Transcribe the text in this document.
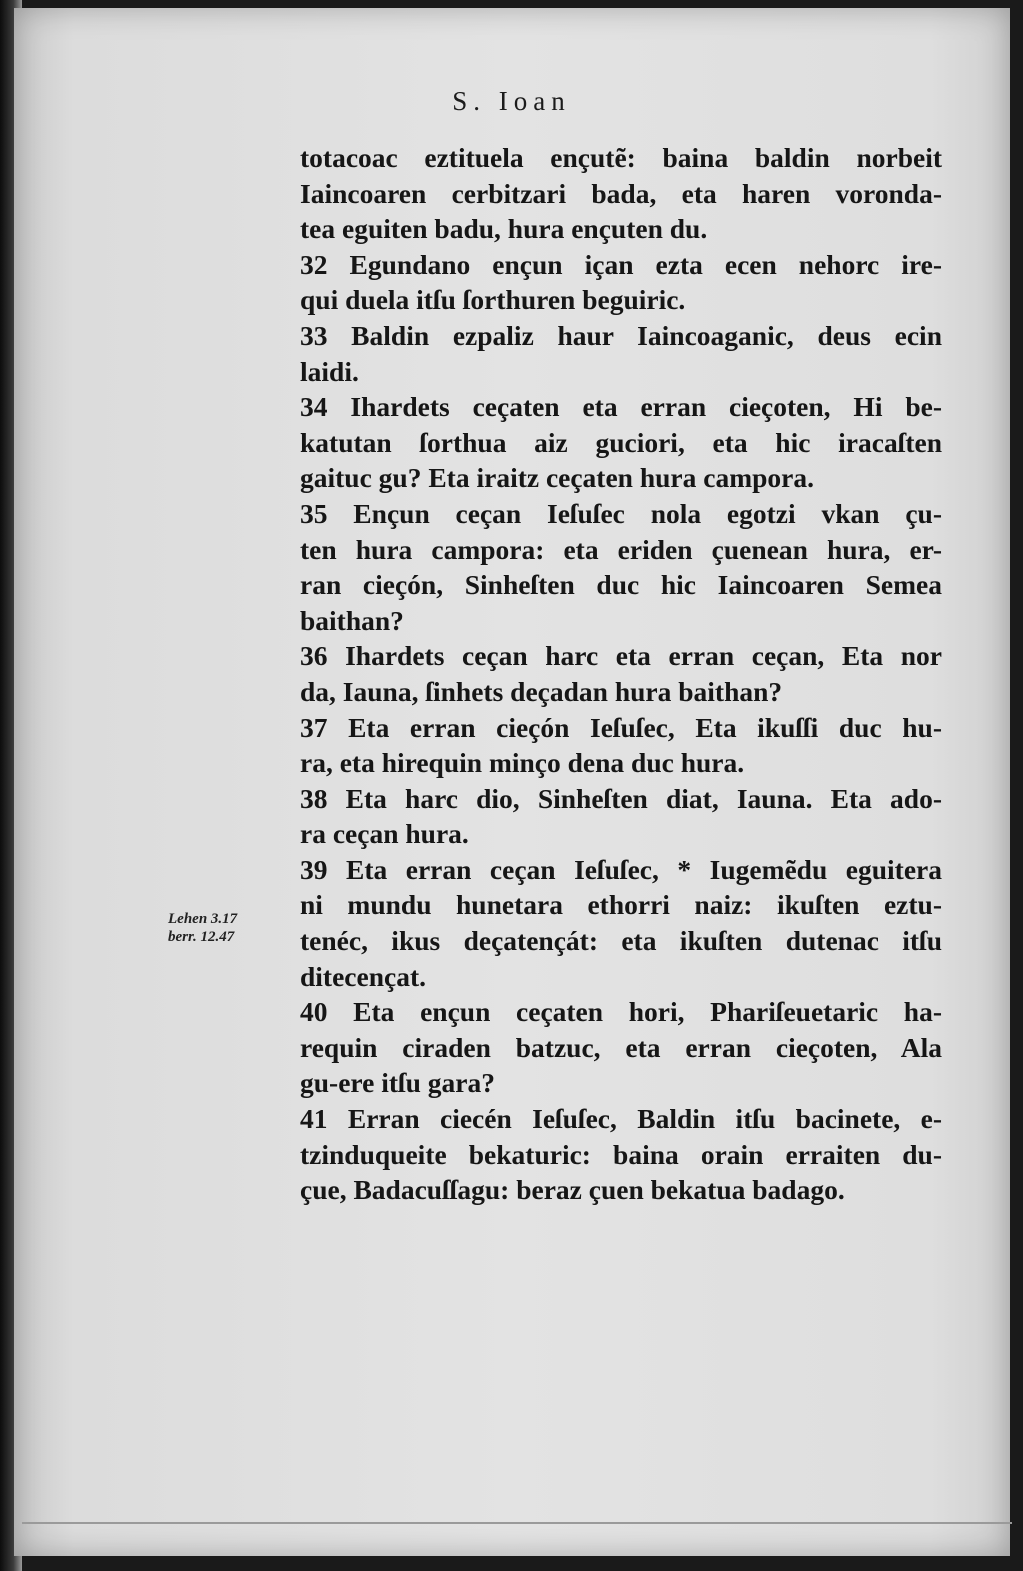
S. Ioan
Lehen 3.17
berr. 12.47
totacoac eztituela ençutẽ: baina baldin norbeit
Iaincoaren cerbitzari bada, eta haren voronda-
tea eguiten badu, hura ençuten du.
32 Egundano ençun içan ezta ecen nehorc ire-
qui duela itſu ſorthuren beguiric.
33 Baldin ezpaliz haur Iaincoaganic, deus ecin
laidi.
34 Ihardets ceçaten eta erran cieçoten, Hi be-
katutan ſorthua aiz guciori, eta hic iracaſten
gaituc gu? Eta iraitz ceçaten hura campora.
35 Ençun ceçan Ieſuſec nola egotzi vkan çu-
ten hura campora: eta eriden çuenean hura, er-
ran cieçón, Sinheſten duc hic Iaincoaren Semea
baithan?
36 Ihardets ceçan harc eta erran ceçan, Eta nor
da, Iauna, ſinhets deçadan hura baithan?
37 Eta erran cieçón Ieſuſec, Eta ikuſſi duc hu-
ra, eta hirequin minço dena duc hura.
38 Eta harc dio, Sinheſten diat, Iauna. Eta ado-
ra ceçan hura.
39 Eta erran ceçan Ieſuſec, * Iugemẽdu eguitera
ni mundu hunetara ethorri naiz: ikuſten eztu-
tenéc, ikus deçatençát: eta ikuſten dutenac itſu
ditecençat.
40 Eta ençun ceçaten hori, Phariſeuetaric ha-
requin ciraden batzuc, eta erran cieçoten, Ala
gu-ere itſu gara?
41 Erran ciecén Ieſuſec, Baldin itſu bacinete, e-
tzinduqueite bekaturic: baina orain erraiten du-
çue, Badacuſſagu: beraz çuen bekatua badago.
